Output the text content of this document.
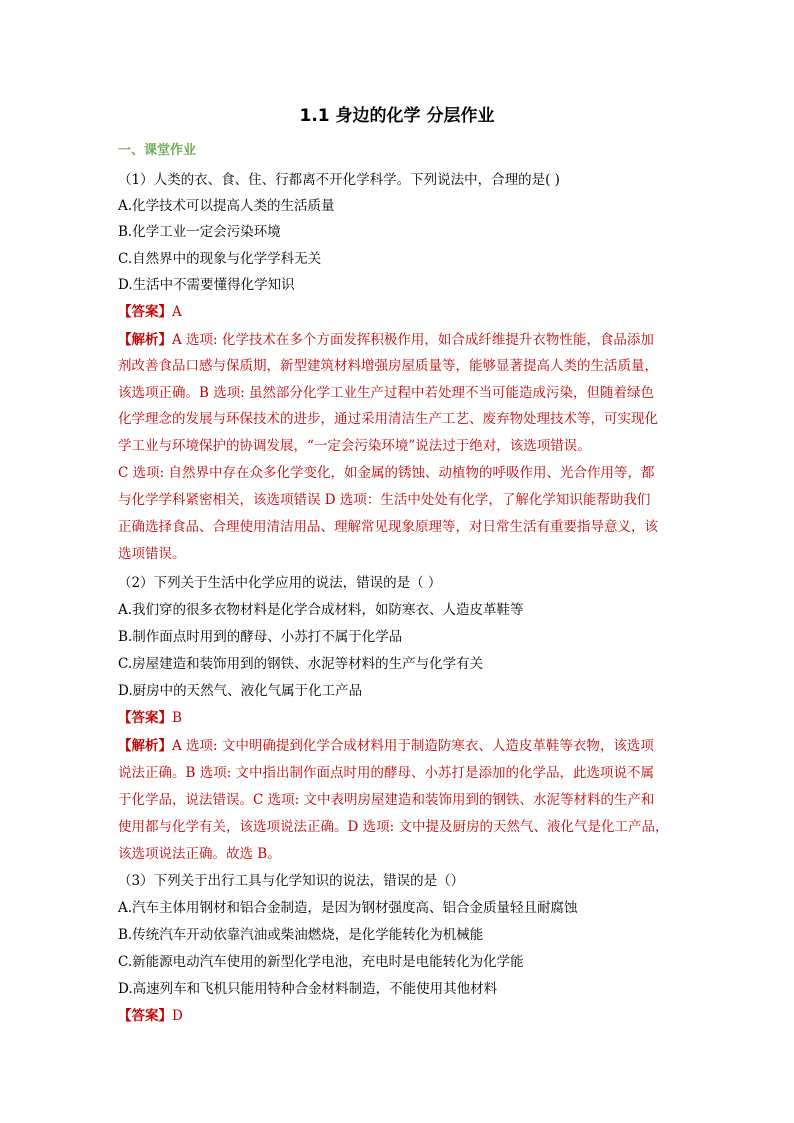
1.1 身边的化学 分层作业
一、课堂作业
（1）人类的衣、食、住、行都离不开化学科学。下列说法中，合理的是( )
A.化学技术可以提高人类的生活质量
B.化学工业一定会污染环境
C.自然界中的现象与化学学科无关
D.生活中不需要懂得化学知识
【答案】A
【解析】A 选项: 化学技术在多个方面发挥积极作用，如合成纤维提升衣物性能，食品添加
剂改善食品口感与保质期，新型建筑材料增强房屋质量等，能够显著提高人类的生活质量，
该选项正确。B 选项: 虽然部分化学工业生产过程中若处理不当可能造成污染，但随着绿色
化学理念的发展与环保技术的进步，通过采用清洁生产工艺、废弃物处理技术等，可实现化
学工业与环境保护的协调发展，“一定会污染环境”说法过于绝对，该选项错误。
C 选项: 自然界中存在众多化学变化，如金属的锈蚀、动植物的呼吸作用、光合作用等，都
与化学学科紧密相关，该选项错误 D 选项：生活中处处有化学，了解化学知识能帮助我们
正确选择食品、合理使用清洁用品、理解常见现象原理等，对日常生活有重要指导意义，该
选项错误。
（2）下列关于生活中化学应用的说法，错误的是（ ）
A.我们穿的很多衣物材料是化学合成材料，如防寒衣、人造皮革鞋等
B.制作面点时用到的酵母、小苏打不属于化学品
C.房屋建造和装饰用到的钢铁、水泥等材料的生产与化学有关
D.厨房中的天然气、液化气属于化工产品
【答案】B
【解析】A 选项: 文中明确提到化学合成材料用于制造防寒衣、人造皮革鞋等衣物，该选项
说法正确。B 选项: 文中指出制作面点时用的酵母、小苏打是添加的化学品，此选项说不属
于化学品，说法错误。C 选项: 文中表明房屋建造和装饰用到的钢铁、水泥等材料的生产和
使用都与化学有关，该选项说法正确。D 选项: 文中提及厨房的天然气、液化气是化工产品，
该选项说法正确。故选 B。
（3）下列关于出行工具与化学知识的说法，错误的是（）
A.汽车主体用钢材和铝合金制造，是因为钢材强度高、铝合金质量轻且耐腐蚀
B.传统汽车开动依靠汽油或柴油燃烧，是化学能转化为机械能
C.新能源电动汽车使用的新型化学电池，充电时是电能转化为化学能
D.高速列车和飞机只能用特种合金材料制造，不能使用其他材料
【答案】D
